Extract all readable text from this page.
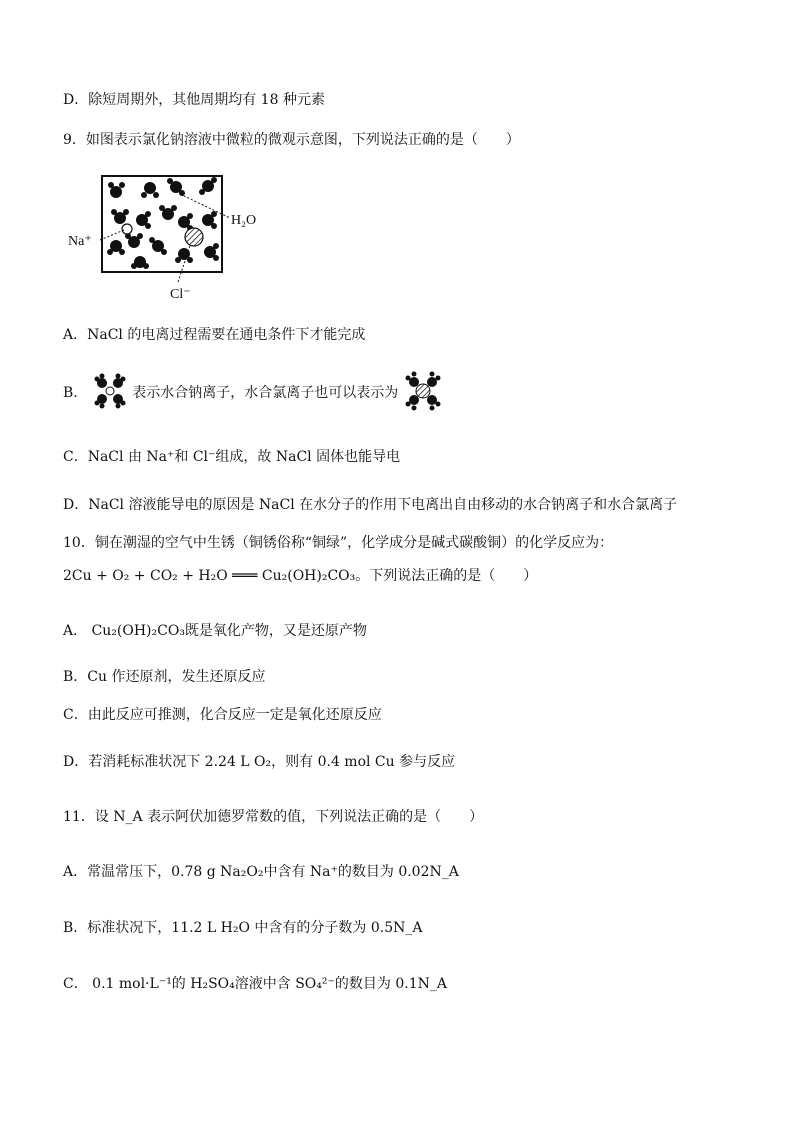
D．除短周期外，其他周期均有 18 种元素
9．如图表示氯化钠溶液中微粒的微观示意图，下列说法正确的是（　　）
H₂O
Na⁺
Cl⁻
A．NaCl 的电离过程需要在通电条件下才能完成
B．	表示水合钠离子，水合氯离子也可以表示为
C．NaCl 由 Na⁺和 Cl⁻组成，故 NaCl 固体也能导电
D．NaCl 溶液能导电的原因是 NaCl 在水分子的作用下电离出自由移动的水合钠离子和水合氯离子
10．铜在潮湿的空气中生锈（铜锈俗称“铜绿”，化学成分是碱式碳酸铜）的化学反应为：
2Cu + O₂ + CO₂ + H₂O ═══ Cu₂(OH)₂CO₃。下列说法正确的是（　　）
A． Cu₂(OH)₂CO₃既是氧化产物，又是还原产物
B．Cu 作还原剂，发生还原反应
C．由此反应可推测，化合反应一定是氧化还原反应
D．若消耗标准状况下 2.24 L O₂，则有 0.4 mol Cu 参与反应
11．设 N_A 表示阿伏加德罗常数的值，下列说法正确的是（　　）
A．常温常压下，0.78 g Na₂O₂中含有 Na⁺的数目为 0.02N_A
B．标准状况下，11.2 L H₂O 中含有的分子数为 0.5N_A
C． 0.1 mol·L⁻¹的 H₂SO₄溶液中含 SO₄²⁻的数目为 0.1N_A
